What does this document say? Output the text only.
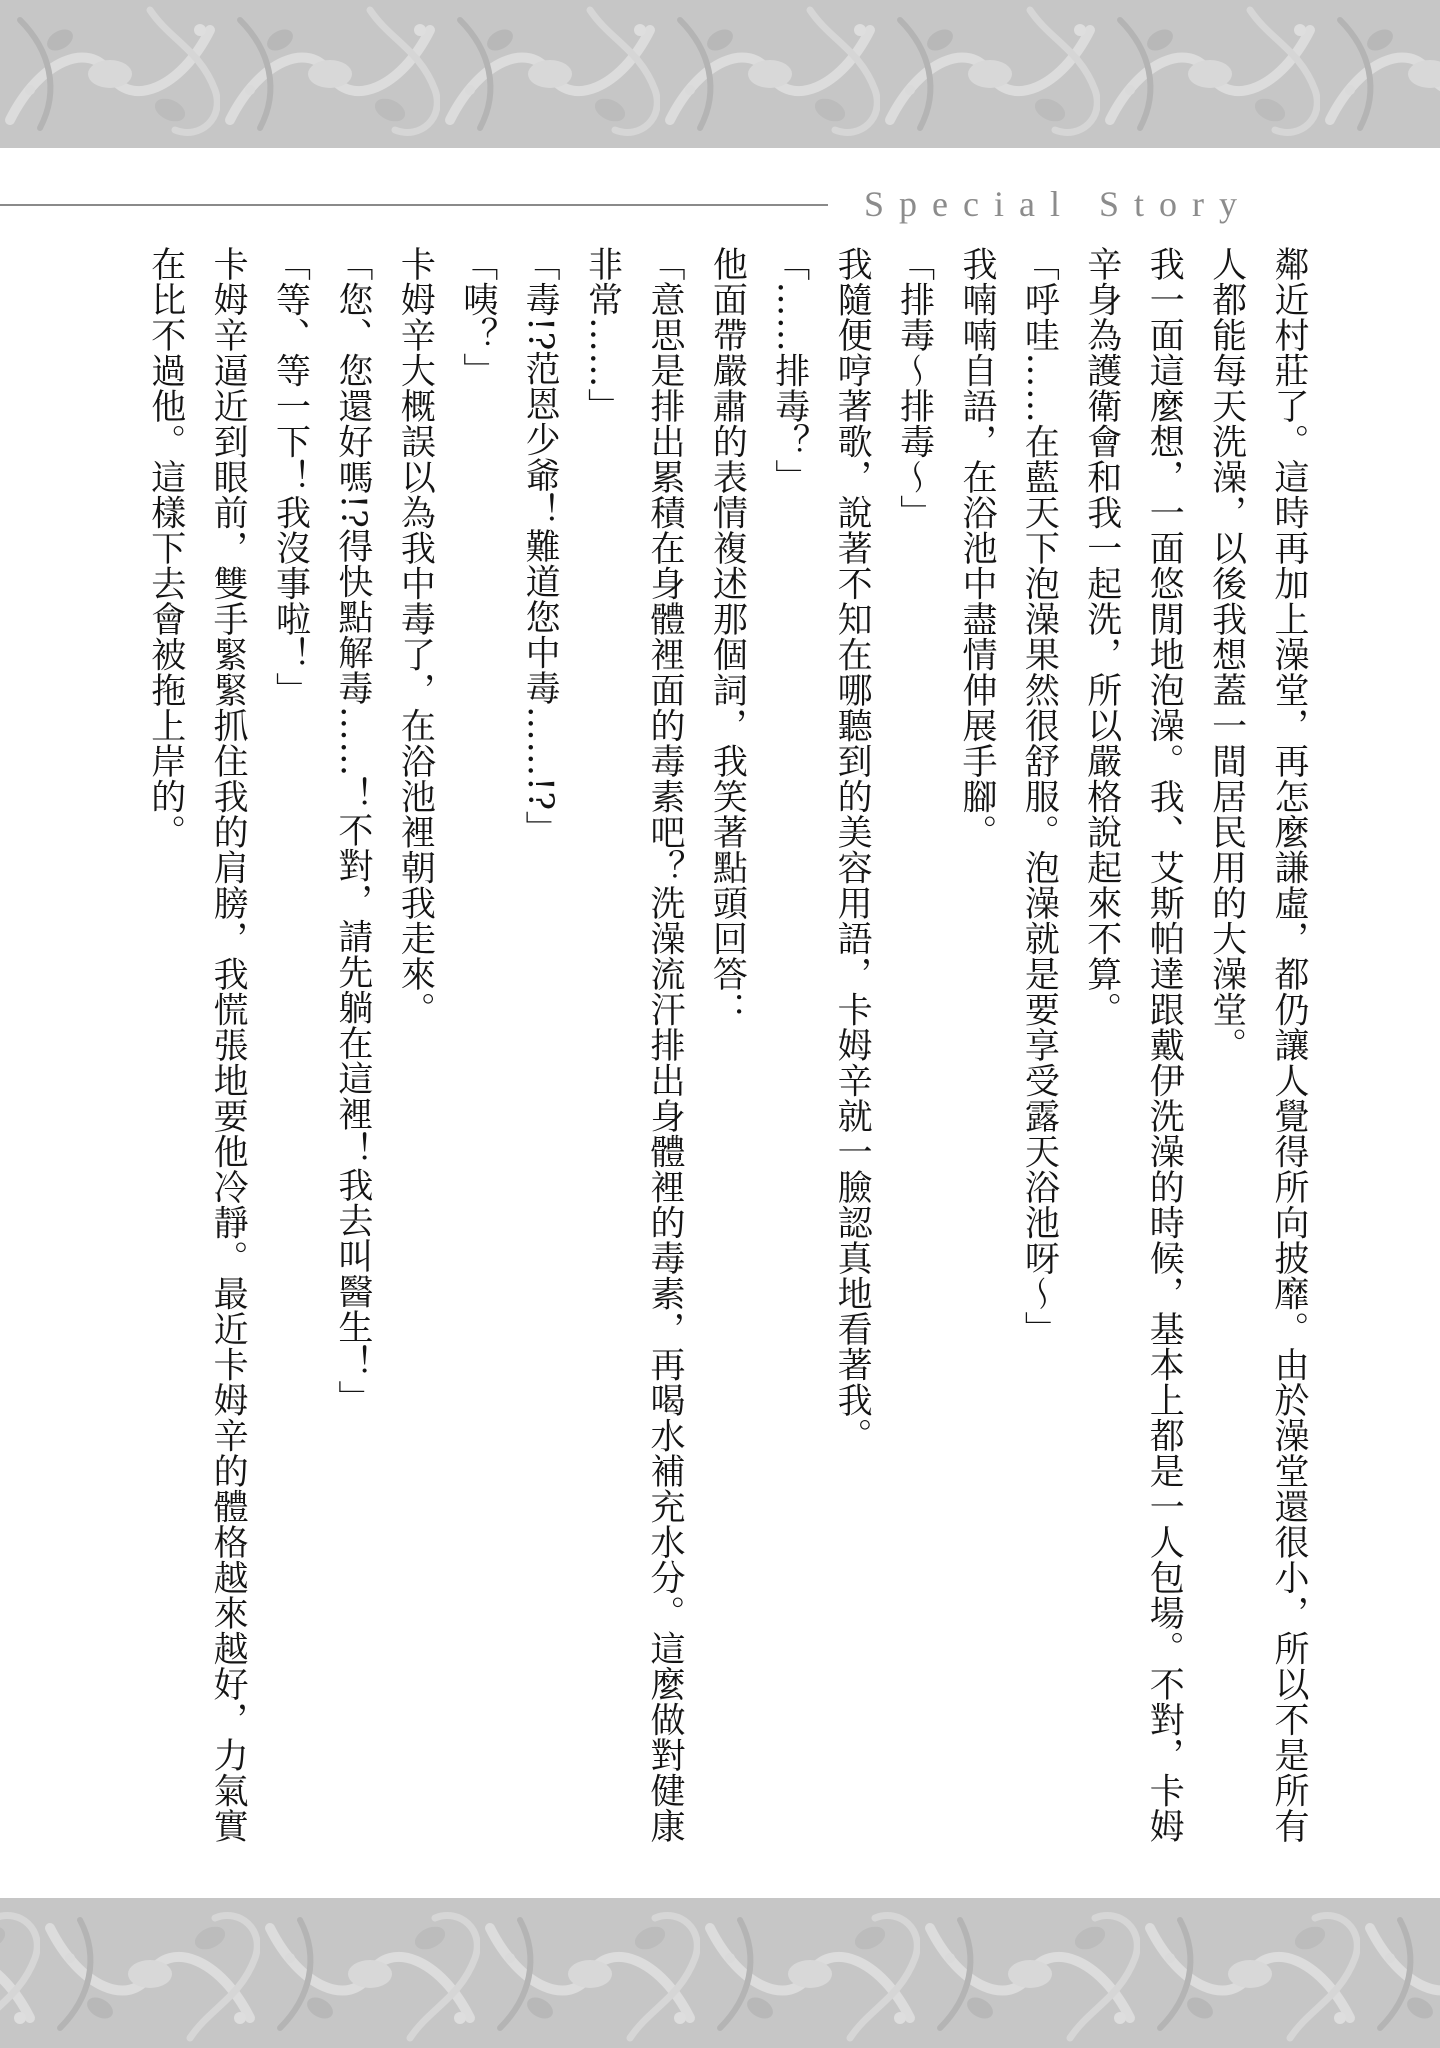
Special Story

鄰近村莊了。這時再加上澡堂，再怎麼謙虛，都仍讓人覺得所向披靡。由於澡堂還很小，所以不是所有人都能每天洗澡，以後我想蓋一間居民用的大澡堂。

我一面這麼想，一面悠閒地泡澡。我、艾斯帕達跟戴伊洗澡的時候，基本上都是一人包場。不對，卡姆辛身為護衛會和我一起洗，所以嚴格說起來不算。

「呼哇……在藍天下泡澡果然很舒服。泡澡就是要享受露天浴池呀～」

我喃喃自語，在浴池中盡情伸展手腳。

「排毒～排毒～」

我隨便哼著歌，說著不知在哪聽到的美容用語，卡姆辛就一臉認真地看著我。

「……排毒？」

他面帶嚴肅的表情複述那個詞，我笑著點頭回答：

「意思是排出累積在身體裡面的毒素吧？洗澡流汗排出身體裡的毒素，再喝水補充水分。這麼做對健康非常……」

「毒!?范恩少爺！難道您中毒……!?」

「咦？」

卡姆辛大概誤以為我中毒了，在浴池裡朝我走來。

「您、您還好嗎!?得快點解毒……！不對，請先躺在這裡！我去叫醫生！」

「等、等一下！我沒事啦！」

卡姆辛逼近到眼前，雙手緊緊抓住我的肩膀，我慌張地要他冷靜。最近卡姆辛的體格越來越好，力氣實在比不過他。這樣下去會被拖上岸的。
